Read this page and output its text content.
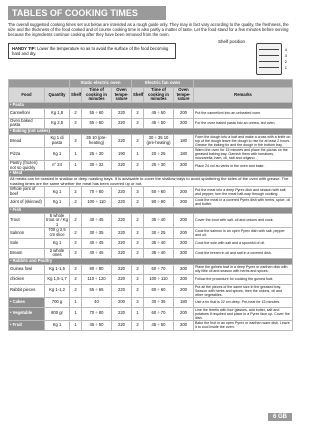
TABLES OF COOKING TIMES
The overall suggested cooking times set out below are intended as a rough guide only. They may in fact vary according to the quality, the freshness, the size and the thickness of the food cooked and of course cooking time is also partly a matter of taste. Let the food stand for a few minutes before serving because the ingredients continue cooking after they have been removed from the oven.
HANDY TIP: Lower the temperature so as to avoid the surface of the food becoming hard and dry.
Shelf position
4
3
2
1
		Static electric oven			Electric fan oven			
Food	Quantity	Shelf	Time of cooking in minutes	Oven tempe- rature	Shelf	Time of cooking in minutes	Oven tempe- rature	Remarks
• Pasta								
Cannelloni	Kg 1,8	2	55 ÷ 60	220	2	45 ÷ 50	200	Put the cannelloni into an unheated oven.
Oven baked pasta	Kg 2,5	2	55 ÷ 60	220	2	45 ÷ 50	200	For the oven baked pasta into an unhea- ted oven.
• Baking (not cakes)								
Bread	Kg 1 di pasta	2	35 10 (pre-heating)	220	2	30 ÷ 35 10 (pre-heating)	180	Form the dough into a loaf and make a cross with a knife on top of the dough leave the dough to rise for at least 2 hours. Grease the baking tin and the dough in the bottom tray.
Pizza	Kg 1	1	25 ÷ 30	190	1	20 ÷ 25	180	Warm the oven for 15 minutes and place the pizzas on the greased baking tray. Garnish them with tomatoes, mozzarella, ham, oil, salt and origano.
Pastry (frozen) not so quickly	n° 24	1	30 ÷ 32	220	2	25 ÷ 30	200	Place 24 vol au vents in the oven and bake.
• Meat								
All meats can be roasted in shallow or deep roasting trays. It is advisable to cover the shallow trays to avoid splattering the sides of the oven with grease. The roasting times are the same whether the meat has been covered up or not.								
Whole joint of beef	Kg 1	2	70 ÷ 80	220	3	50 ÷ 60	200	Put the meat into a deep Pyrex dish and season with salt and pepper; turn the meat half-way through cooking.
Joint of (skinned)	Kg 1	2	100 ÷ 110	220	2	90 ÷ 90	200	Cook the meat in a covered Pyrex dish with herbs, spice, oil and butter.
• Fish								
Trout	5 whole trout or / Kg 1	2	40 ÷ 45	220	2	35 ÷ 40	200	Cover the trout with salt, oil and onions and cook.
Salmon	700 g 2,5 cm slice	2	30 ÷ 35	220	2	30 ÷ 25	200	Cook the salmon in an open Pyrex dish with salt, pepper and oil.
Sole	Kg 1	2	40 ÷ 45	220	2	35 ÷ 40	200	Cook the sole with salt and a spoonful of oil.
Bream	2 whole ones	2	40 ÷ 45	220	2	35 ÷ 40	200	Cook the bream in oil and salt in a covered dish.
• Rabbits and Poultry								
Guinea fowl	Kg 1-1,5	2	80 ÷ 80	220	2	60 ÷ 70	200	Place the guinea fowl in a deep Pyrex or earthen dish with oily little oil and season with herbs and spices.
chicken	Kg 1,5-1,7	2	110 ÷ 120	220	2	100 ÷ 110	200	Follow the procedure for cooking the guinea fowl.
Rabbit pieces	Kg 1-1,2	2	55 ÷ 65	220	2	60 ÷ 60	200	Put all the pieces of the same size in the greased tray. Season with herbs and spices, then the onions, oil and other vegetables.
• Cakes	700 g	1	40	200	2	30 ÷ 35	180	Use a tin that is 22 cm deep. Pre-heat for 15 minutes.
• Vegetable	800 gr	1	70 ÷ 80	220	1	60 ÷ 70	200	Line the ferrets with four glasses, add butter, salt and potatoes if required and place in a Pyrex face up. Cover the dish.
• Fruit	Kg 1	1	45 ÷ 50	220	2	45 ÷ 50	200	Bake the fruit in an open Pyrex or earthen ware dish. Leave it to cool inside the oven.
6 GB
